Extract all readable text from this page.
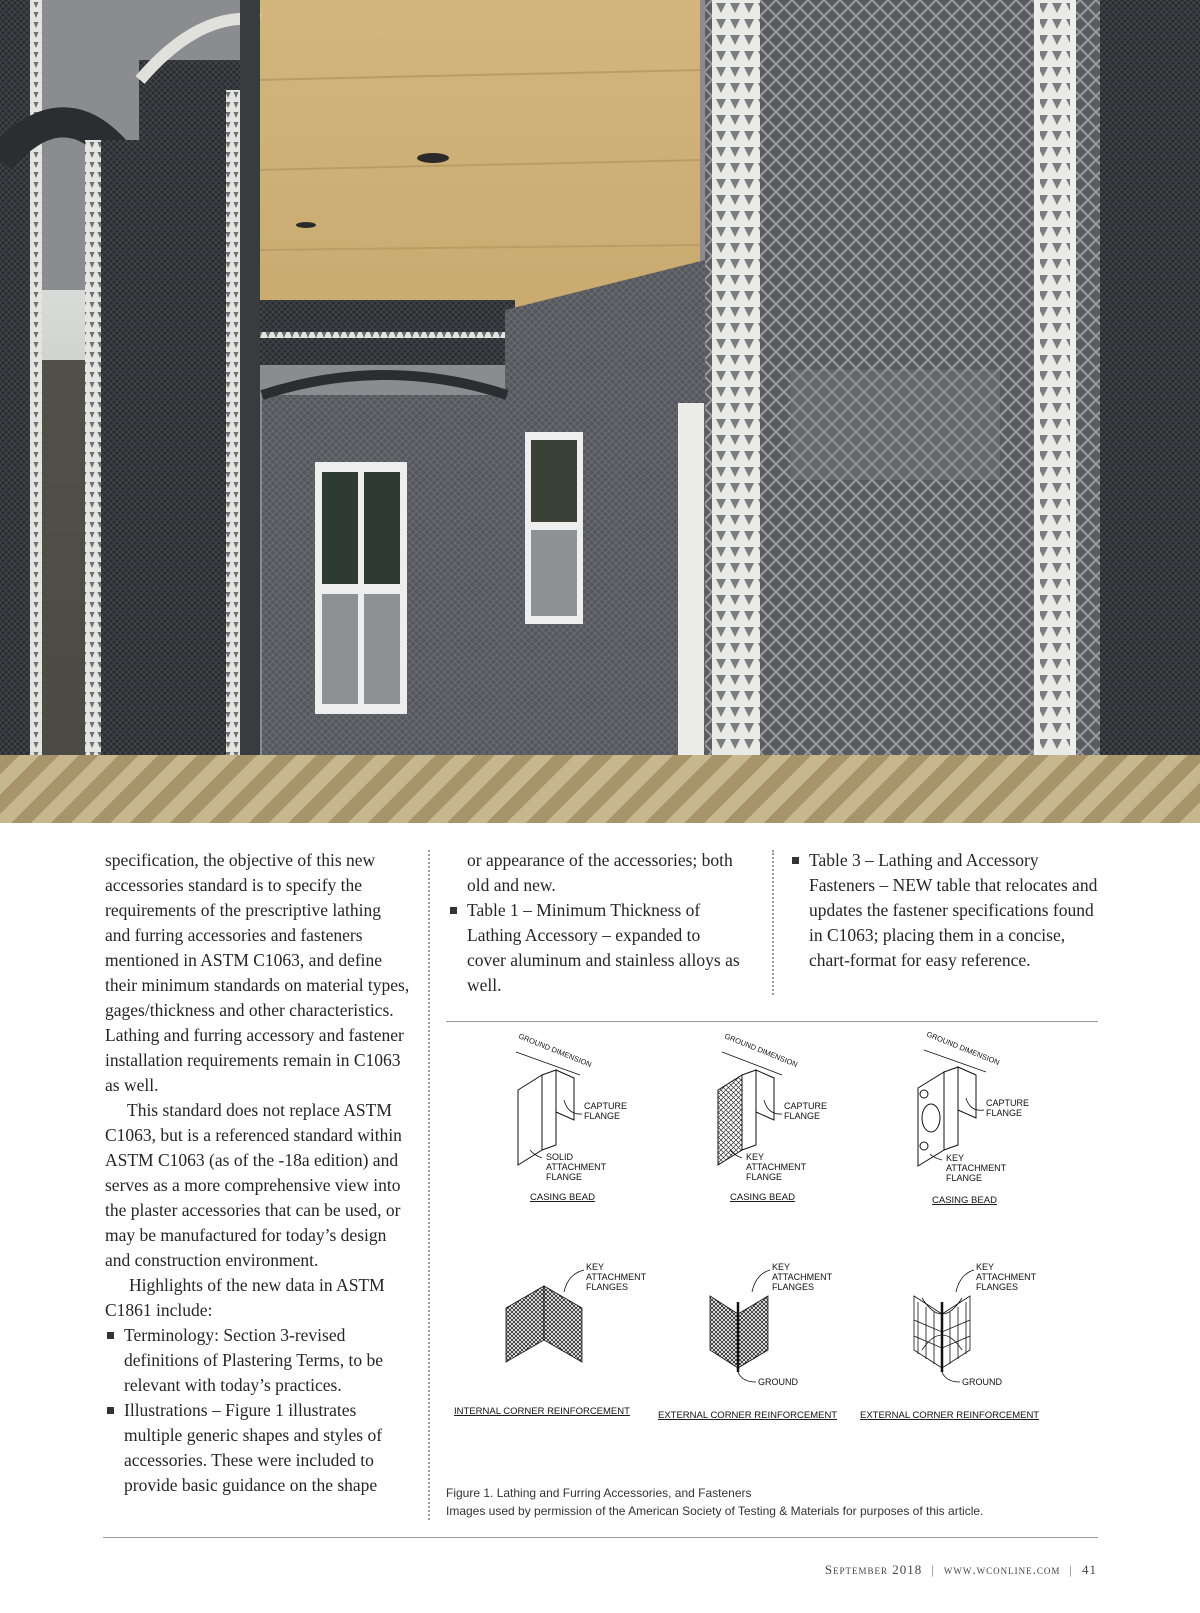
specification, the objective of this new accessories standard is to specify the requirements of the prescriptive lathing and furring accessories and fasteners mentioned in ASTM C1063, and define their minimum standards on material types, gages/thickness and other characteristics. Lathing and furring accessory and fastener installation requirements remain in C1063 as well.

This standard does not replace ASTM C1063, but is a referenced standard within ASTM C1063 (as of the -18a edition) and serves as a more comprehensive view into the plaster accessories that can be used, or may be manufactured for today’s design and construction environment.

Highlights of the new data in ASTM C1861 include:

Terminology: Section 3-revised definitions of Plastering Terms, to be relevant with today’s practices.
Illustrations – Figure 1 illustrates multiple generic shapes and styles of accessories. These were included to provide basic guidance on the shape

or appearance of the accessories; both old and new.

Table 1 – Minimum Thickness of Lathing Accessory – expanded to cover aluminum and stainless alloys as well.
Table 3 – Lathing and Accessory Fasteners – NEW table that relocates and updates the fastener specifications found in C1063; placing them in a concise, chart-format for easy reference.
GROUND DIMENSION
CAPTURE
FLANGE
SOLID
ATTACHMENT
FLANGE
CASING BEAD
GROUND DIMENSION
CAPTURE
FLANGE
KEY
ATTACHMENT
FLANGE
CASING BEAD
GROUND DIMENSION
CAPTURE
FLANGE
KEY
ATTACHMENT
FLANGE
CASING BEAD
KEY
ATTACHMENT
FLANGES
INTERNAL CORNER REINFORCEMENT
KEY
ATTACHMENT
FLANGES
GROUND
EXTERNAL CORNER REINFORCEMENT
KEY
ATTACHMENT
FLANGES
GROUND
EXTERNAL CORNER REINFORCEMENT
Figure 1. Lathing and Furring Accessories, and Fasteners
Images used by permission of the American Society of Testing & Materials for purposes of this article.
September 2018 | www.wconline.com | 41
